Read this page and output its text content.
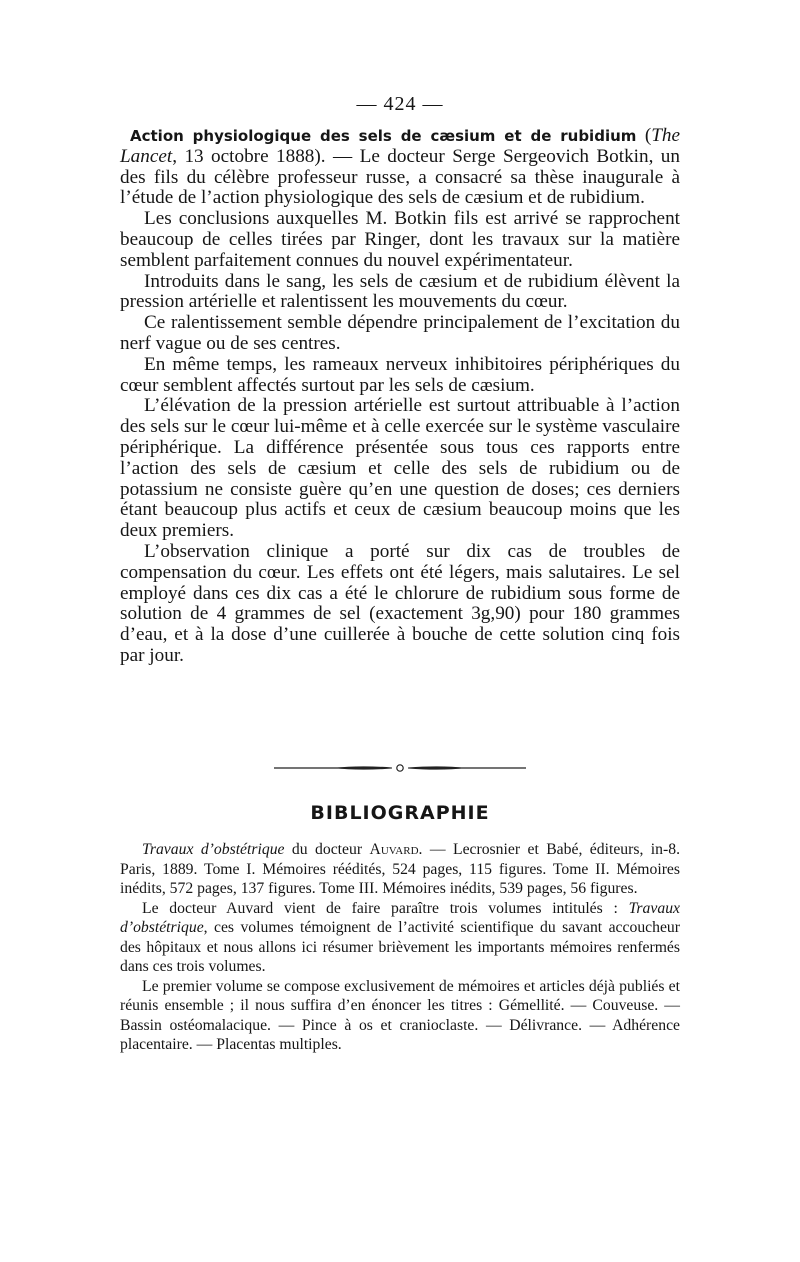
— 424 —

Action physiologique des sels de cæsium et de rubidium (The Lancet, 13 octobre 1888). — Le docteur Serge Sergeovich Botkin, un des fils du célèbre professeur russe, a consacré sa thèse inaugurale à l’étude de l’action physiologique des sels de cæsium et de rubidium.

Les conclusions auxquelles M. Botkin fils est arrivé se rapprochent beaucoup de celles tirées par Ringer, dont les travaux sur la matière semblent parfaitement connues du nouvel expérimentateur.

Introduits dans le sang, les sels de cæsium et de rubidium élèvent la pression artérielle et ralentissent les mouvements du cœur.

Ce ralentissement semble dépendre principalement de l’excitation du nerf vague ou de ses centres.

En même temps, les rameaux nerveux inhibitoires périphériques du cœur semblent affectés surtout par les sels de cæsium.

L’élévation de la pression artérielle est surtout attribuable à l’action des sels sur le cœur lui-même et à celle exercée sur le système vasculaire périphérique. La différence présentée sous tous ces rapports entre l’action des sels de cæsium et celle des sels de rubidium ou de potassium ne consiste guère qu’en une question de doses; ces derniers étant beaucoup plus actifs et ceux de cæsium beaucoup moins que les deux premiers.

L’observation clinique a porté sur dix cas de troubles de compensation du cœur. Les effets ont été légers, mais salutaires. Le sel employé dans ces dix cas a été le chlorure de rubidium sous forme de solution de 4 grammes de sel (exactement 3g,90) pour 180 grammes d’eau, et à la dose d’une cuillerée à bouche de cette solution cinq fois par jour.

BIBLIOGRAPHIE

Travaux d’obstétrique du docteur Auvard. — Lecrosnier et Babé, éditeurs, in-8. Paris, 1889. Tome I. Mémoires réédités, 524 pages, 115 figures. Tome II. Mémoires inédits, 572 pages, 137 figures. Tome III. Mémoires inédits, 539 pages, 56 figures.

Le docteur Auvard vient de faire paraître trois volumes intitulés : Travaux d’obstétrique, ces volumes témoignent de l’activité scientifique du savant accoucheur des hôpitaux et nous allons ici résumer brièvement les importants mémoires renfermés dans ces trois volumes.

Le premier volume se compose exclusivement de mémoires et articles déjà publiés et réunis ensemble ; il nous suffira d’en énoncer les titres : Gémellité. — Couveuse. — Bassin ostéomalacique. — Pince à os et cranioclaste. — Délivrance. — Adhérence placentaire. — Placentas multiples.
